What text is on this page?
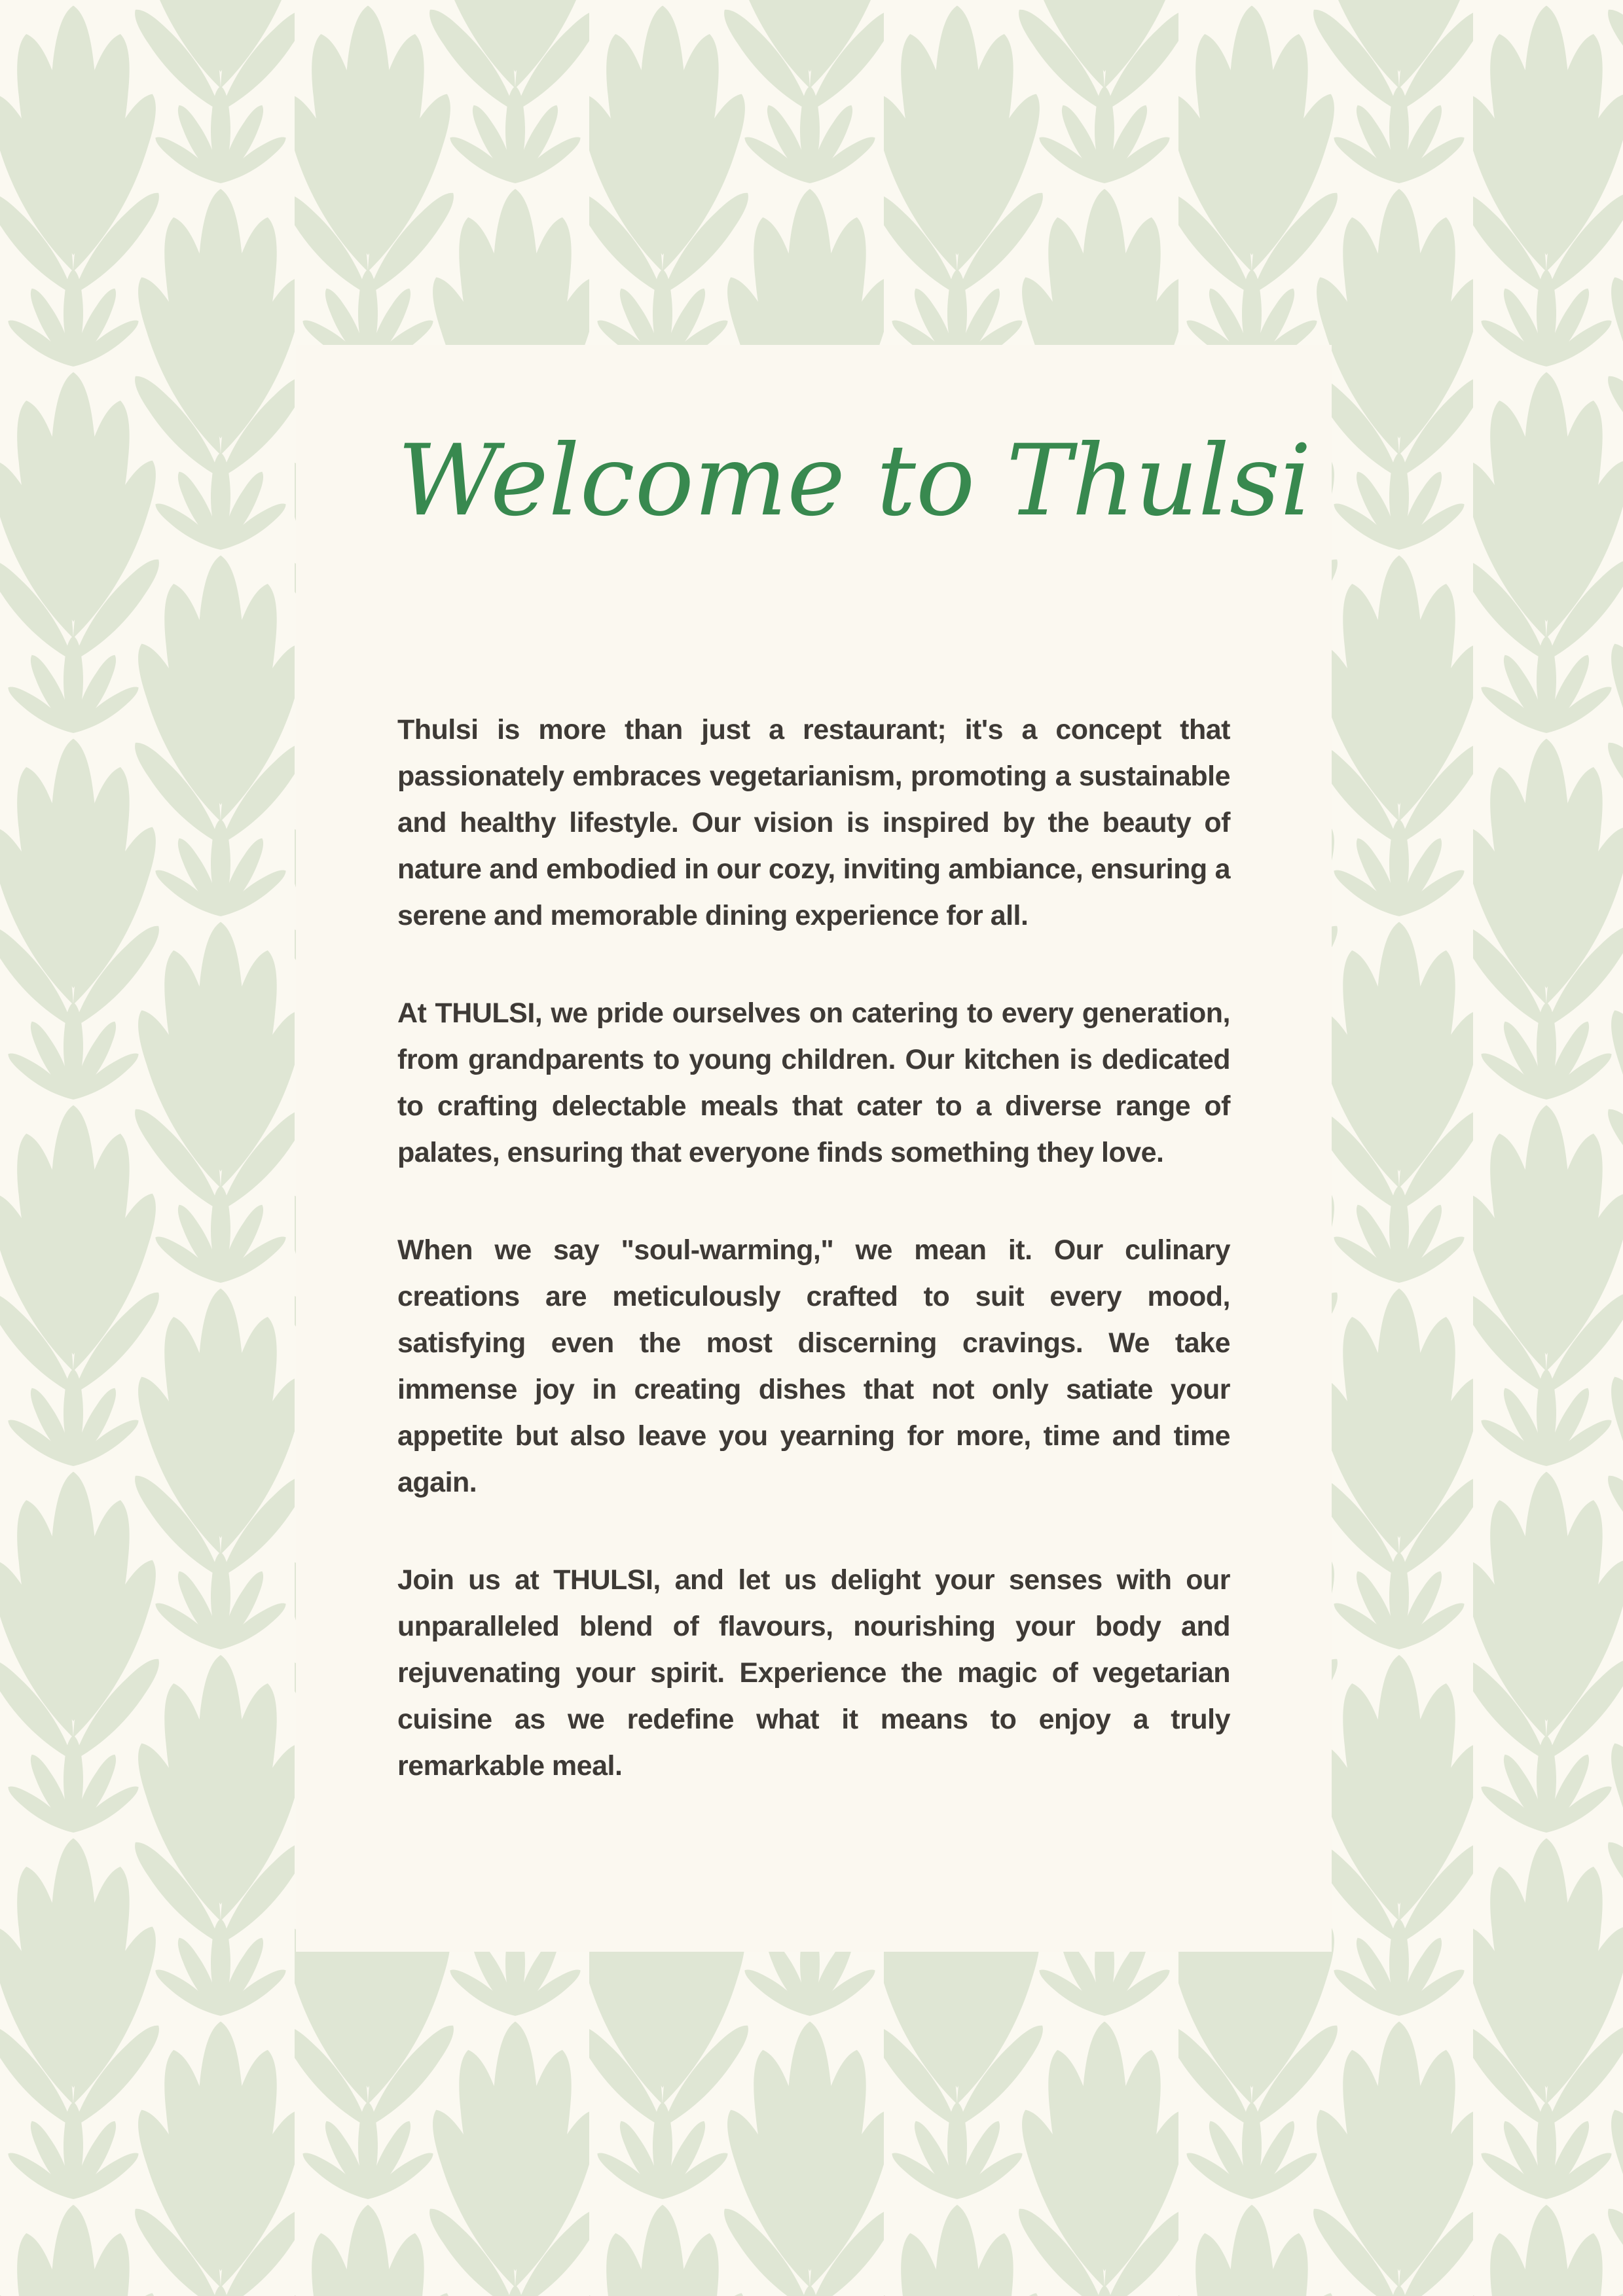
Welcome to Thulsi

Thulsi is more than just a restaurant; it's a concept that passionately embraces vegetarianism, promoting a sustainable and healthy lifestyle. Our vision is inspired by the beauty of nature and embodied in our cozy, inviting ambiance, ensuring a serene and memorable dining experience for all.

At THULSI, we pride ourselves on catering to every generation, from grandparents to young children. Our kitchen is dedicated to crafting delectable meals that cater to a diverse range of palates, ensuring that everyone finds something they love.

When we say "soul-warming," we mean it. Our culinary creations are meticulously crafted to suit every mood, satisfying even the most discerning cravings. We take immense joy in creating dishes that not only satiate your appetite but also leave you yearning for more, time and time again.

Join us at THULSI, and let us delight your senses with our unparalleled blend of flavours, nourishing your body and rejuvenating your spirit. Experience the magic of vegetarian cuisine as we redefine what it means to enjoy a truly remarkable meal.
